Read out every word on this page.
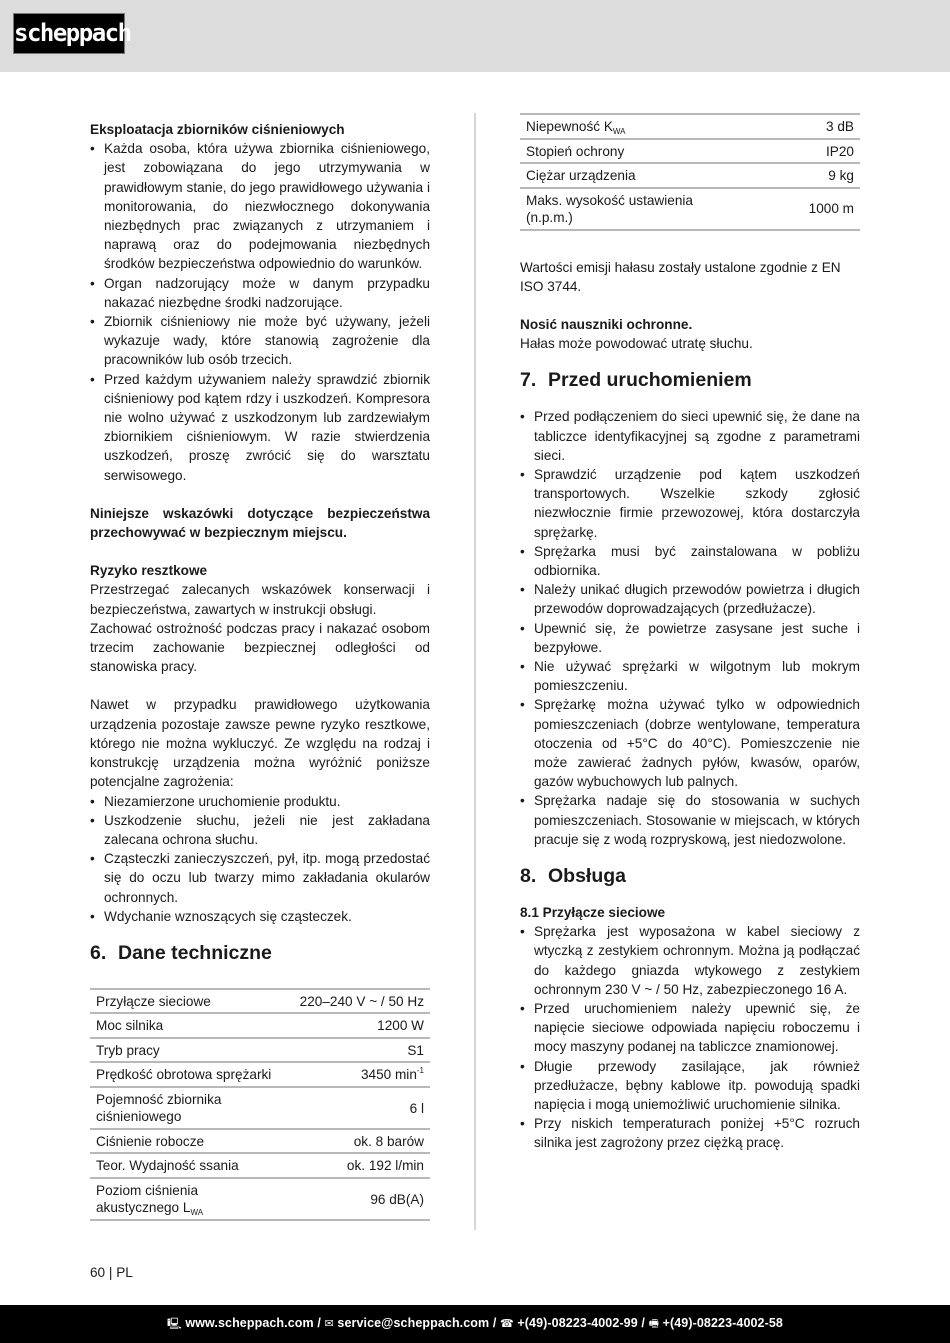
scheppach

Eksploatacja zbiorników ciśnieniowych

• Każda osoba, która używa zbiornika ciśnieniowego, jest zobowiązana do jego utrzymywania w prawidłowym stanie, do jego prawidłowego używania i monitorowania, do niezwłocznego dokonywania niezbędnych prac związanych z utrzymaniem i naprawą oraz do podejmowania niezbędnych środków bezpieczeństwa odpowiednio do warunków.
• Organ nadzorujący może w danym przypadku nakazać niezbędne środki nadzorujące.
• Zbiornik ciśnieniowy nie może być używany, jeżeli wykazuje wady, które stanowią zagrożenie dla pracowników lub osób trzecich.
• Przed każdym używaniem należy sprawdzić zbiornik ciśnieniowy pod kątem rdzy i uszkodzeń. Kompresora nie wolno używać z uszkodzonym lub zardzewiałym zbiornikiem ciśnieniowym. W razie stwierdzenia uszkodzeń, proszę zwrócić się do warsztatu serwisowego.

Niniejsze wskazówki dotyczące bezpieczeństwa przechowywać w bezpiecznym miejscu.

Ryzyko resztkowe

Przestrzegać zalecanych wskazówek konserwacji i bezpieczeństwa, zawartych w instrukcji obsługi.

Zachować ostrożność podczas pracy i nakazać osobom trzecim zachowanie bezpiecznej odległości od stanowiska pracy.

Nawet w przypadku prawidłowego użytkowania urządzenia pozostaje zawsze pewne ryzyko resztkowe, którego nie można wykluczyć. Ze względu na rodzaj i konstrukcję urządzenia można wyróżnić poniższe potencjalne zagrożenia:

• Niezamierzone uruchomienie produktu.
• Uszkodzenie słuchu, jeżeli nie jest zakładana zalecana ochrona słuchu.
• Cząsteczki zanieczyszczeń, pył, itp. mogą przedostać się do oczu lub twarzy mimo zakładania okularów ochronnych.
• Wdychanie wznoszących się cząsteczek.
6. Dane techniczne
Przyłącze sieciowe	220–240 V ~ / 50 Hz
Moc silnika	1200 W
Tryb pracy	S1
Prędkość obrotowa sprężarki	3450 $\min^{-1}$
Pojemność zbiornika ciśnieniowego	6 l
Ciśnienie robocze	ok. 8 barów
Teor. Wydajność ssania	ok. 192 l/min
Poziom ciśnienia akustycznego $L_{WA}$	96 dB(A)
Niepewność $K_{WA}$	3 dB
Stopień ochrony	IP20
Ciężar urządzenia	9 kg
Maks. wysokość ustawienia (n.p.m.)	1000 m

Wartości emisji hałasu zostały ustalone zgodnie z EN ISO 3744.

Nosić nauszniki ochronne.

Hałas może powodować utratę słuchu.

7. Przed uruchomieniem
• Przed podłączeniem do sieci upewnić się, że dane na tabliczce identyfikacyjnej są zgodne z parametrami sieci.
• Sprawdzić urządzenie pod kątem uszkodzeń transportowych. Wszelkie szkody zgłosić niezwłocznie firmie przewozowej, która dostarczyła sprężarkę.
• Sprężarka musi być zainstalowana w pobliżu odbiornika.
• Należy unikać długich przewodów powietrza i długich przewodów doprowadzających (przedłużacze).
• Upewnić się, że powietrze zasysane jest suche i bezpyłowe.
• Nie używać sprężarki w wilgotnym lub mokrym pomieszczeniu.
• Sprężarkę można używać tylko w odpowiednich pomieszczeniach (dobrze wentylowane, temperatura otoczenia od +5°C do 40°C). Pomieszczenie nie może zawierać żadnych pyłów, kwasów, oparów, gazów wybuchowych lub palnych.
• Sprężarka nadaje się do stosowania w suchych pomieszczeniach. Stosowanie w miejscach, w których pracuje się z wodą rozpryskową, jest niedozwolone.
8. Obsługa

8.1 Przyłącze sieciowe

• Sprężarka jest wyposażona w kabel sieciowy z wtyczką z zestykiem ochronnym. Można ją podłączać do każdego gniazda wtykowego z zestykiem ochronnym 230 V ~ / 50 Hz, zabezpieczonego 16 A.
• Przed uruchomieniem należy upewnić się, że napięcie sieciowe odpowiada napięciu roboczemu i mocy maszyny podanej na tabliczce znamionowej.
• Długie przewody zasilające, jak również przedłużacze, bębny kablowe itp. powodują spadki napięcia i mogą uniemożliwić uruchomienie silnika.
• Przy niskich temperaturach poniżej +5°C rozruch silnika jest zagrożony przez ciężką pracę.
60 | PL
🖳 www.scheppach.com / ✉ service@scheppach.com / ☎ +(49)-08223-4002-99 / 🖷 +(49)-08223-4002-58
